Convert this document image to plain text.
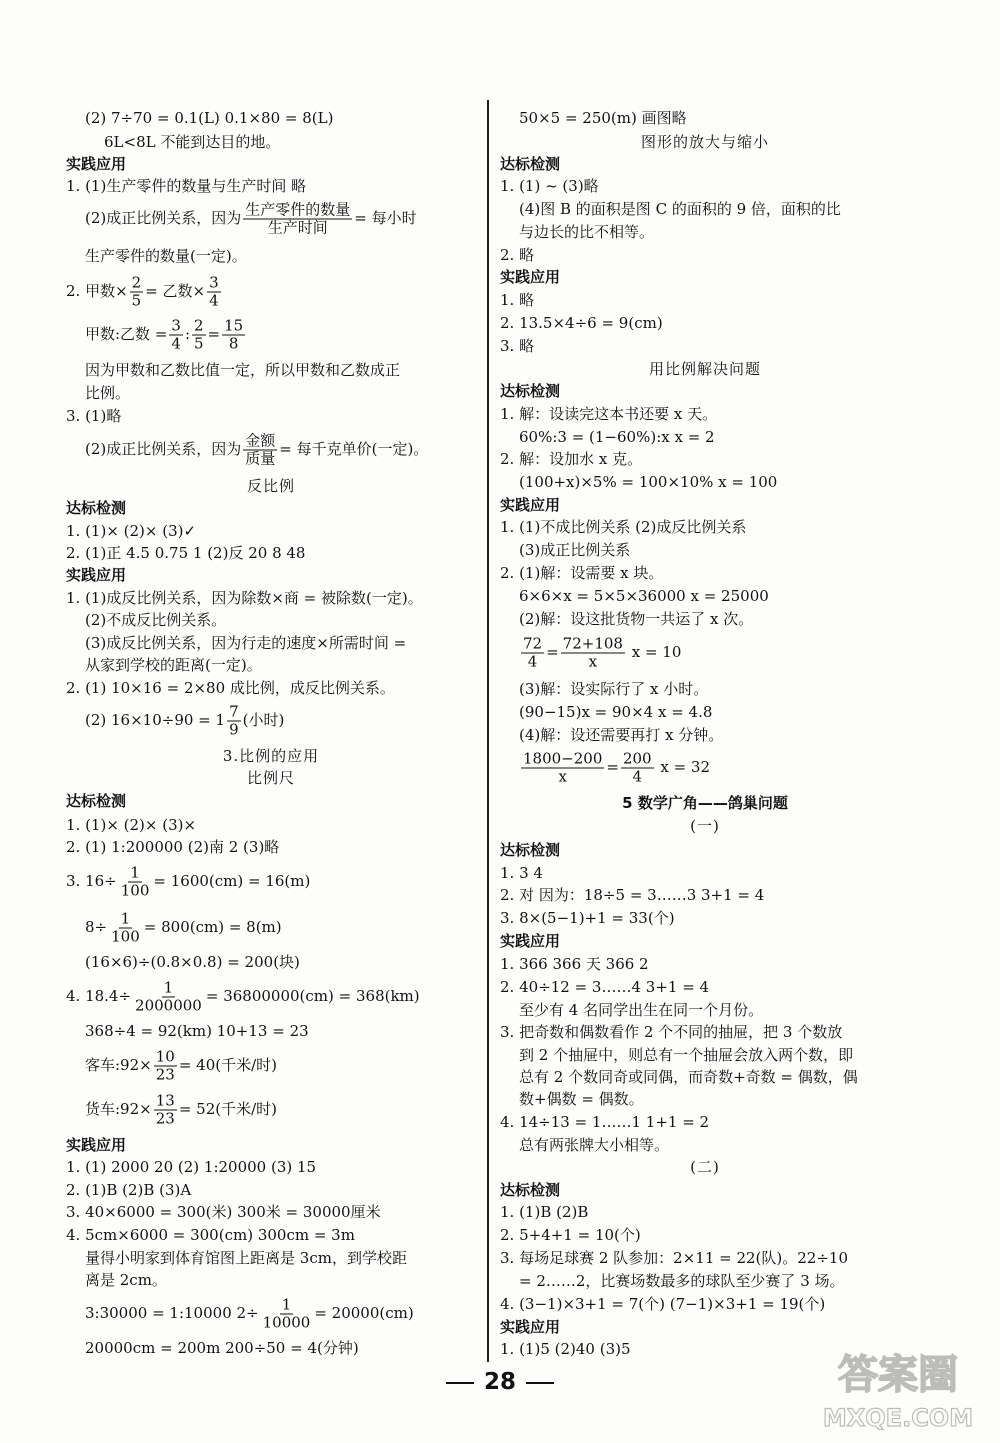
(2) 7÷70 = 0.1(L) 0.1×80 = 8(L)
6L<8L 不能到达目的地。
实践应用
1. (1)生产零件的数量与生产时间 略
(2)成正比例关系，因为 $\frac{\text{生产零件的数量}}{\text{生产时间}}$ = 每小时
生产零件的数量(一定)。
2. 甲数× $\frac{2}{5}$ = 乙数× $\frac{3}{4}$
甲数:乙数 = $\frac{3}{4}$ : $\frac{2}{5} = \frac{15}{8}$
因为甲数和乙数比值一定，所以甲数和乙数成正
比例。
3. (1)略
(2)成正比例关系，因为 $\frac{\text{金额}}{\text{质量}}$ = 每千克单价(一定)。
反比例
达标检测
1. (1)× (2)× (3)✓
2. (1)正 4.5 0.75 1 (2)反 20 8 48
实践应用
1. (1)成反比例关系，因为除数×商 = 被除数(一定)。
(2)不成反比例关系。
(3)成反比例关系，因为行走的速度×所需时间 =
从家到学校的距离(一定)。
2. (1) 10×16 = 2×80 成比例，成反比例关系。
(2) $16\times 10\div 90 = 1 \frac{7}{9}$ (小时)
3.比例的应用
比例尺
达标检测
1. (1)× (2)× (3)×
2. (1) 1:200000 (2)南 2 (3)略
3. $16\div \frac{1}{100} = 1600(cm) = 16(m)$
$8\div \frac{1}{100} = 800(cm) = 8(m)$
(16×6)÷(0.8×0.8) = 200(块)
4. $18.4\div \frac{1}{2000000} = 36800000(cm) = 368(km)$
368÷4 = 92(km) 10+13 = 23
客车:92× $\frac{10}{23} = 40$(千米/时)
货车:92× $\frac{13}{23} = 52$(千米/时)
实践应用
1. (1) 2000 20 (2) 1:20000 (3) 15
2. (1)B (2)B (3)A
3. 40×6000 = 300(米) 300米 = 30000厘米
4. 5cm×6000 = 300(cm) 300cm = 3m
量得小明家到体育馆图上距离是 3cm，到学校距
离是 2cm。
3:30000 = 1:10000 $2\div \frac{1}{10000} = 20000(cm)$
20000cm = 200m 200÷50 = 4(分钟)
50×5 = 250(m) 画图略
图形的放大与缩小
达标检测
1. (1) ~ (3)略
(4)图 B 的面积是图 C 的面积的 9 倍，面积的比
与边长的比不相等。
2. 略
实践应用
1. 略
2. 13.5×4÷6 = 9(cm)
3. 略
用比例解决问题
达标检测
1. 解：设读完这本书还要 x 天。
60%:3 = (1−60%):x x = 2
2. 解：设加水 x 克。
(100+x)×5% = 100×10% x = 100
实践应用
1. (1)不成比例关系 (2)成反比例关系
(3)成正比例关系
2. (1)解：设需要 x 块。
6×6×x = 5×5×36000 x = 25000
(2)解：设这批货物一共运了 x 次。
$\frac{72}{4} = \frac{72+108}{x}$ x = 10
(3)解：设实际行了 x 小时。
(90−15)x = 90×4 x = 4.8
(4)解：设还需要再打 x 分钟。
$\frac{1800-200}{x} = \frac{200}{4}$ x = 32
5 数学广角——鸽巢问题
(一)
达标检测
1. 3 4
2. 对 因为：18÷5 = 3……3 3+1 = 4
3. 8×(5−1)+1 = 33(个)
实践应用
1. 366 366 天 366 2
2. 40÷12 = 3……4 3+1 = 4
至少有 4 名同学出生在同一个月份。
3. 把奇数和偶数看作 2 个不同的抽屉，把 3 个数放
到 2 个抽屉中，则总有一个抽屉会放入两个数，即
总有 2 个数同奇或同偶，而奇数+奇数 = 偶数，偶
数+偶数 = 偶数。
4. 14÷13 = 1……1 1+1 = 2
总有两张牌大小相等。
(二)
达标检测
1. (1)B (2)B
2. 5+4+1 = 10(个)
3. 每场足球赛 2 队参加：2×11 = 22(队)。22÷10
= 2……2，比赛场数最多的球队至少赛了 3 场。
4. (3−1)×3+1 = 7(个) (7−1)×3+1 = 19(个)
实践应用
1. (1)5 (2)40 (3)5
28	答案圈
MXQE.COM
